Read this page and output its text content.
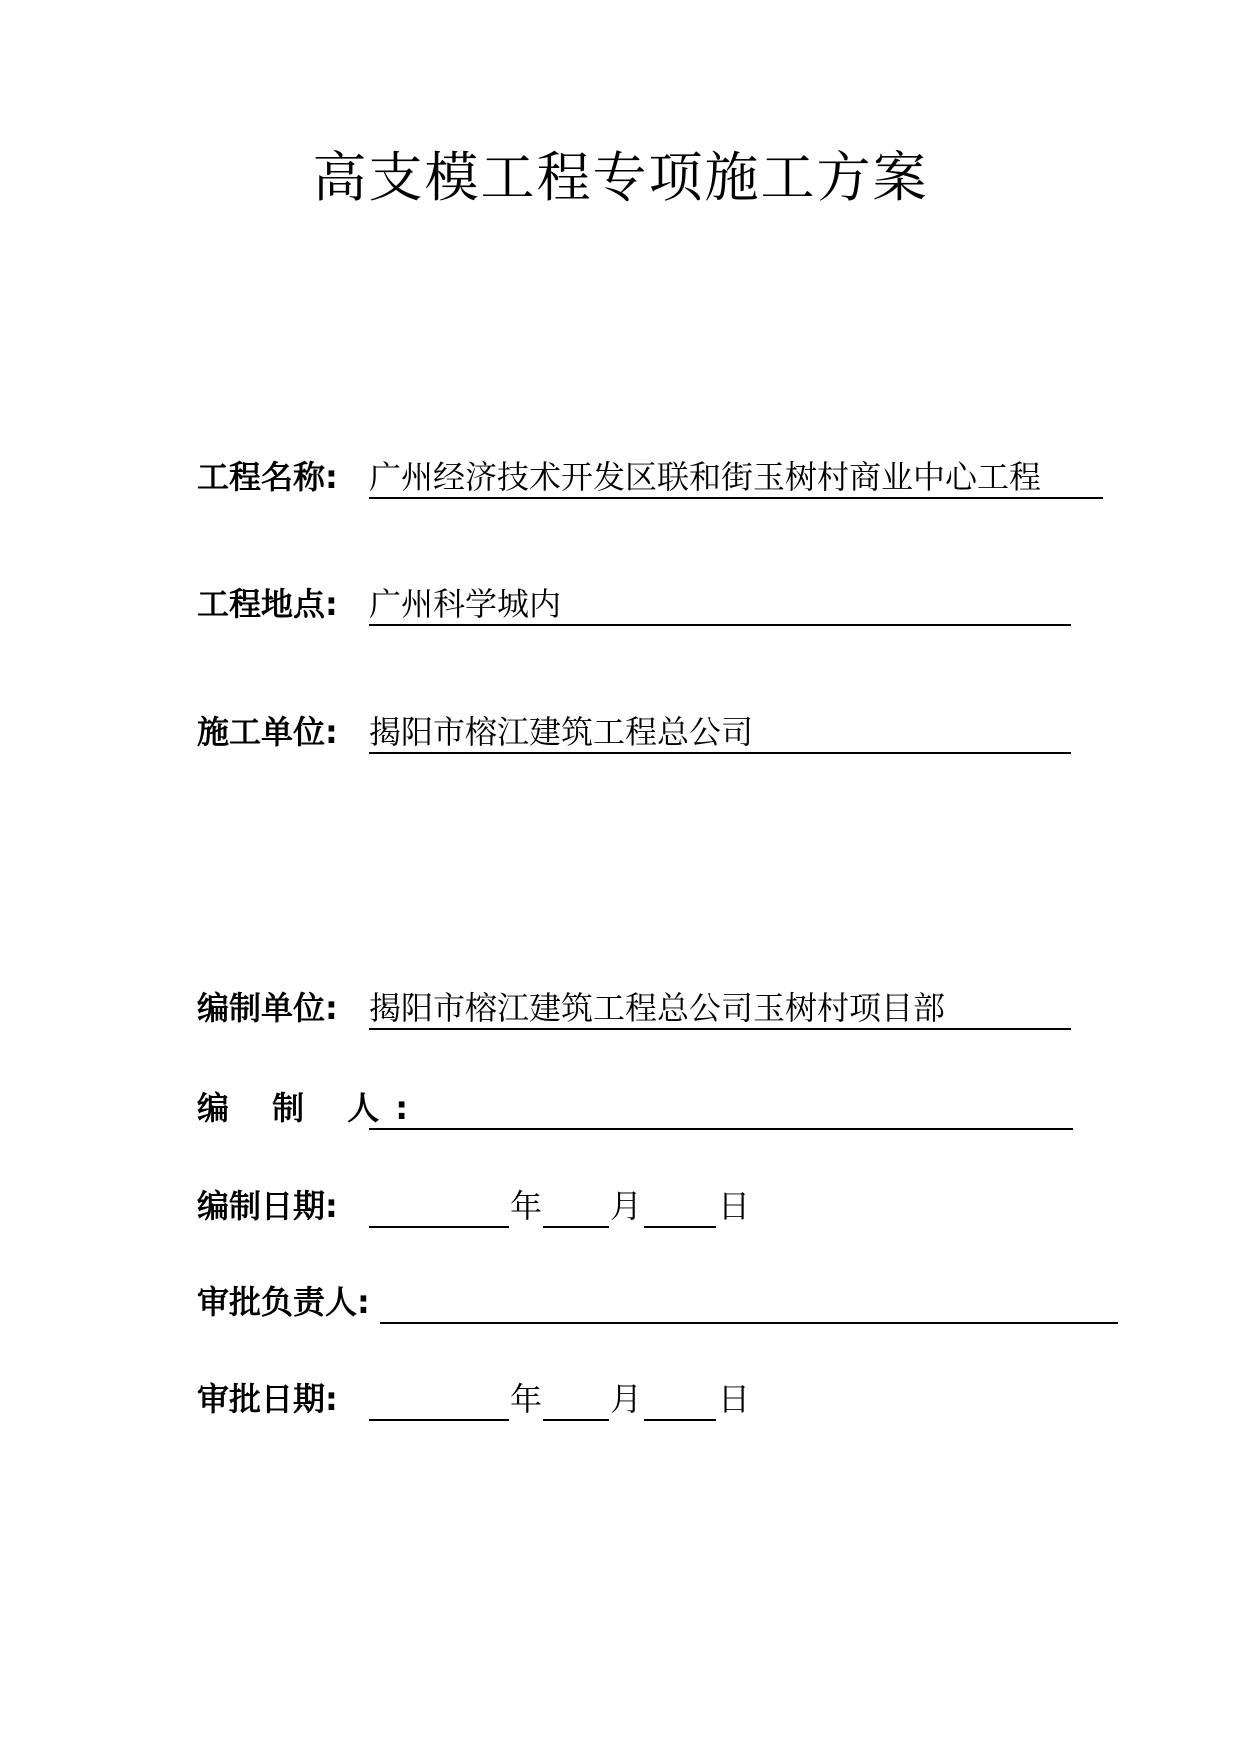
高支模工程专项施工方案
工程名称: 广州经济技术开发区联和街玉树村商业中心工程
工程地点: 广州科学城内
施工单位: 揭阳市榕江建筑工程总公司
编制单位: 揭阳市榕江建筑工程总公司玉树村项目部
编 制 人:
编制日期:	年 月 日
审批负责人:
审批日期:	年 月 日
